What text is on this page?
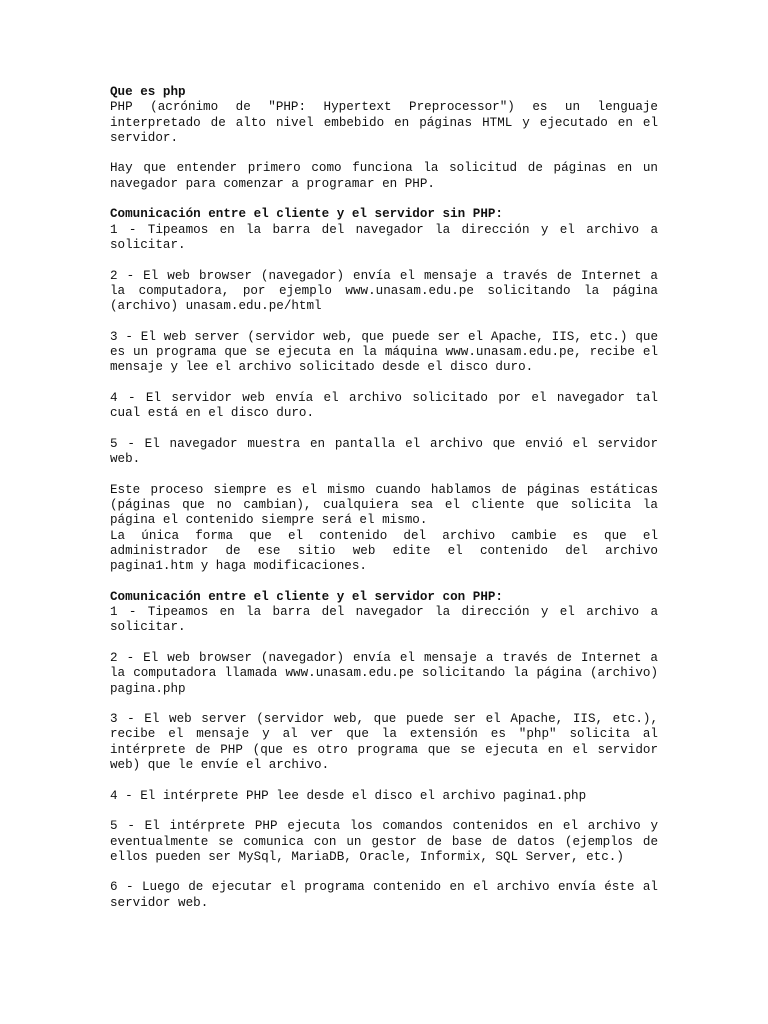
Que es php

PHP (acrónimo de "PHP: Hypertext Preprocessor") es un lenguaje interpretado de alto nivel embebido en páginas HTML y ejecutado en el servidor.

Hay que entender primero como funciona la solicitud de páginas en un navegador para comenzar a programar en PHP.

Comunicación entre el cliente y el servidor sin PHP:

1 - Tipeamos en la barra del navegador la dirección y el archivo a solicitar.

2 - El web browser (navegador) envía el mensaje a través de Internet a la computadora, por ejemplo www.unasam.edu.pe solicitando la página (archivo) unasam.edu.pe/html

3 - El web server (servidor web, que puede ser el Apache, IIS, etc.) que es un programa que se ejecuta en la máquina www.unasam.edu.pe, recibe el mensaje y lee el archivo solicitado desde el disco duro.

4 - El servidor web envía el archivo solicitado por el navegador tal cual está en el disco duro.

5 - El navegador muestra en pantalla el archivo que envió el servidor web.

Este proceso siempre es el mismo cuando hablamos de páginas estáticas (páginas que no cambian), cualquiera sea el cliente que solicita la página el contenido siempre será el mismo.

La única forma que el contenido del archivo cambie es que el administrador de ese sitio web edite el contenido del archivo pagina1.htm y haga modificaciones.

Comunicación entre el cliente y el servidor con PHP:

1 - Tipeamos en la barra del navegador la dirección y el archivo a solicitar.

2 - El web browser (navegador) envía el mensaje a través de Internet a la computadora llamada www.unasam.edu.pe solicitando la página (archivo) pagina.php

3 - El web server (servidor web, que puede ser el Apache, IIS, etc.), recibe el mensaje y al ver que la extensión es "php" solicita al intérprete de PHP (que es otro programa que se ejecuta en el servidor web) que le envíe el archivo.

4 - El intérprete PHP lee desde el disco el archivo pagina1.php

5 - El intérprete PHP ejecuta los comandos contenidos en el archivo y eventualmente se comunica con un gestor de base de datos (ejemplos de ellos pueden ser MySql, MariaDB, Oracle, Informix, SQL Server, etc.)

6 - Luego de ejecutar el programa contenido en el archivo envía éste al servidor web.
